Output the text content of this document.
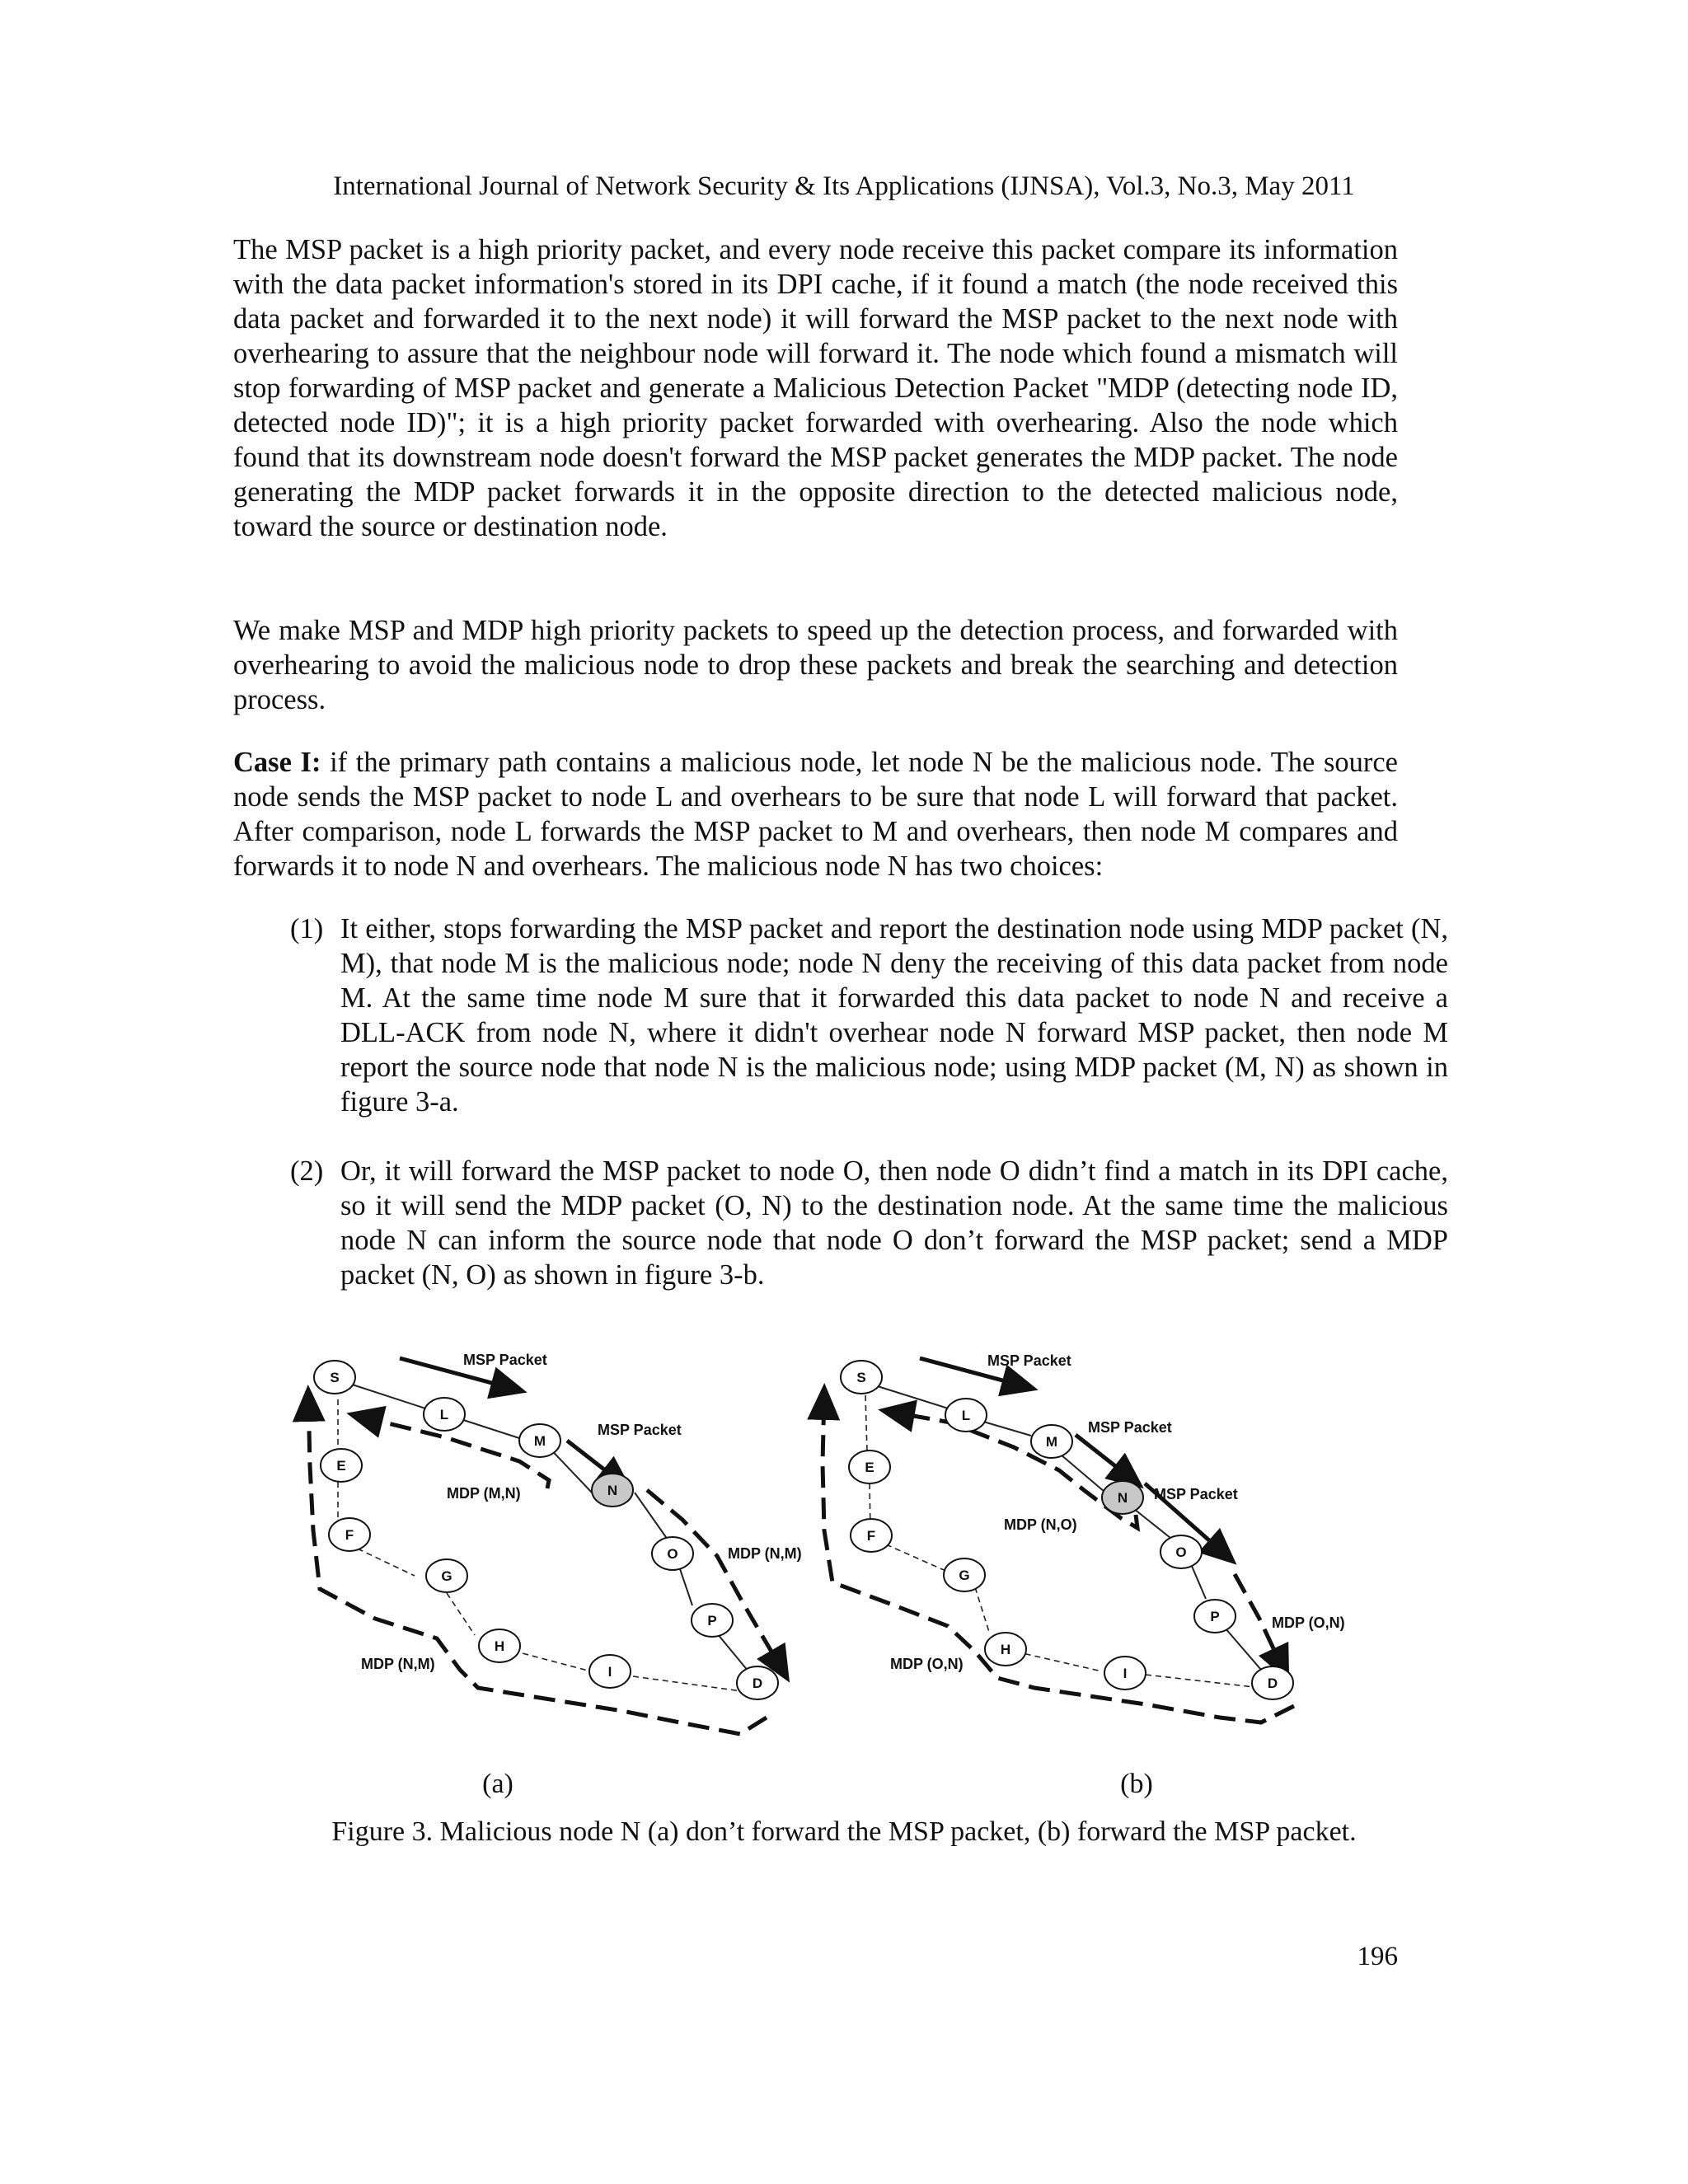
International Journal of Network Security & Its Applications (IJNSA), Vol.3, No.3, May 2011

The MSP packet is a high priority packet, and every node receive this packet compare its information with the data packet information's stored in its DPI cache, if it found a match (the node received this data packet and forwarded it to the next node) it will forward the MSP packet to the next node with overhearing to assure that the neighbour node will forward it. The node which found a mismatch will stop forwarding of MSP packet and generate a Malicious Detection Packet "MDP (detecting node ID, detected node ID)"; it is a high priority packet forwarded with overhearing. Also the node which found that its downstream node doesn't forward the MSP packet generates the MDP packet. The node generating the MDP packet forwards it in the opposite direction to the detected malicious node, toward the source or destination node.

We make MSP and MDP high priority packets to speed up the detection process, and forwarded with overhearing to avoid the malicious node to drop these packets and break the searching and detection process.

Case I: if the primary path contains a malicious node, let node N be the malicious node. The source node sends the MSP packet to node L and overhears to be sure that node L will forward that packet. After comparison, node L forwards the MSP packet to M and overhears, then node M compares and forwards it to node N and overhears. The malicious node N has two choices:

(1) It either, stops forwarding the MSP packet and report the destination node using MDP packet (N, M), that node M is the malicious node; node N deny the receiving of this data packet from node M. At the same time node M sure that it forwarded this data packet to node N and receive a DLL-ACK from node N, where it didn't overhear node N forward MSP packet, then node M report the source node that node N is the malicious node; using MDP packet (M, N) as shown in figure 3-a.

(2) Or, it will forward the MSP packet to node O, then node O didn’t find a match in its DPI cache, so it will send the MDP packet (O, N) to the destination node. At the same time the malicious node N can inform the source node that node O don’t forward the MSP packet; send a MDP packet (N, O) as shown in figure 3-b.

S
L
M
N
O
P
D
E
F
G
H
I
MSP Packet
MSP Packet
MDP (M,N)
MDP (N,M)
MDP (N,M)
S
L
M
N
O
P
D
E
F
G
H
I
MSP Packet
MSP Packet
MSP Packet
MDP (N,O)
MDP (O,N)
MDP (O,N)
(a)	(b)
Figure 3. Malicious node N (a) don’t forward the MSP packet, (b) forward the MSP packet.
196
